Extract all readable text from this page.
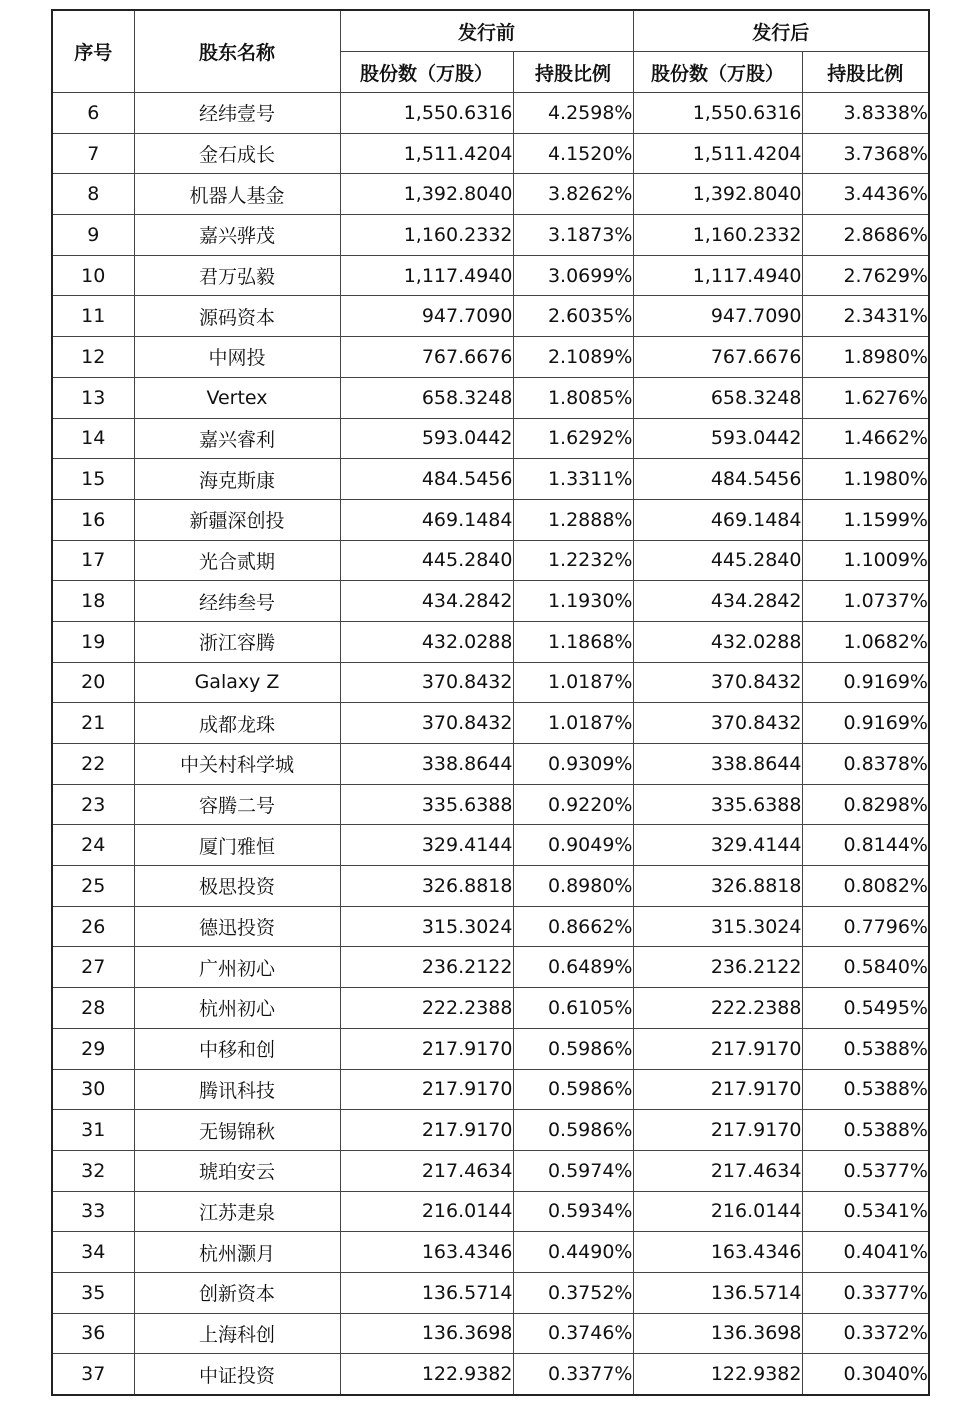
序号	股东名称	发行前		发行后	
		股份数（万股）	持股比例	股份数（万股）	持股比例
6	经纬壹号	1,550.6316	4.2598%	1,550.6316	3.8338%
7	金石成长	1,511.4204	4.1520%	1,511.4204	3.7368%
8	机器人基金	1,392.8040	3.8262%	1,392.8040	3.4436%
9	嘉兴骅茂	1,160.2332	3.1873%	1,160.2332	2.8686%
10	君万弘毅	1,117.4940	3.0699%	1,117.4940	2.7629%
11	源码资本	947.7090	2.6035%	947.7090	2.3431%
12	中网投	767.6676	2.1089%	767.6676	1.8980%
13	Vertex	658.3248	1.8085%	658.3248	1.6276%
14	嘉兴睿利	593.0442	1.6292%	593.0442	1.4662%
15	海克斯康	484.5456	1.3311%	484.5456	1.1980%
16	新疆深创投	469.1484	1.2888%	469.1484	1.1599%
17	光合贰期	445.2840	1.2232%	445.2840	1.1009%
18	经纬叁号	434.2842	1.1930%	434.2842	1.0737%
19	浙江容腾	432.0288	1.1868%	432.0288	1.0682%
20	Galaxy Z	370.8432	1.0187%	370.8432	0.9169%
21	成都龙珠	370.8432	1.0187%	370.8432	0.9169%
22	中关村科学城	338.8644	0.9309%	338.8644	0.8378%
23	容腾二号	335.6388	0.9220%	335.6388	0.8298%
24	厦门雅恒	329.4144	0.9049%	329.4144	0.8144%
25	极思投资	326.8818	0.8980%	326.8818	0.8082%
26	德迅投资	315.3024	0.8662%	315.3024	0.7796%
27	广州初心	236.2122	0.6489%	236.2122	0.5840%
28	杭州初心	222.2388	0.6105%	222.2388	0.5495%
29	中移和创	217.9170	0.5986%	217.9170	0.5388%
30	腾讯科技	217.9170	0.5986%	217.9170	0.5388%
31	无锡锦秋	217.9170	0.5986%	217.9170	0.5388%
32	琥珀安云	217.4634	0.5974%	217.4634	0.5377%
33	江苏疌泉	216.0144	0.5934%	216.0144	0.5341%
34	杭州灏月	163.4346	0.4490%	163.4346	0.4041%
35	创新资本	136.5714	0.3752%	136.5714	0.3377%
36	上海科创	136.3698	0.3746%	136.3698	0.3372%
37	中证投资	122.9382	0.3377%	122.9382	0.3040%
